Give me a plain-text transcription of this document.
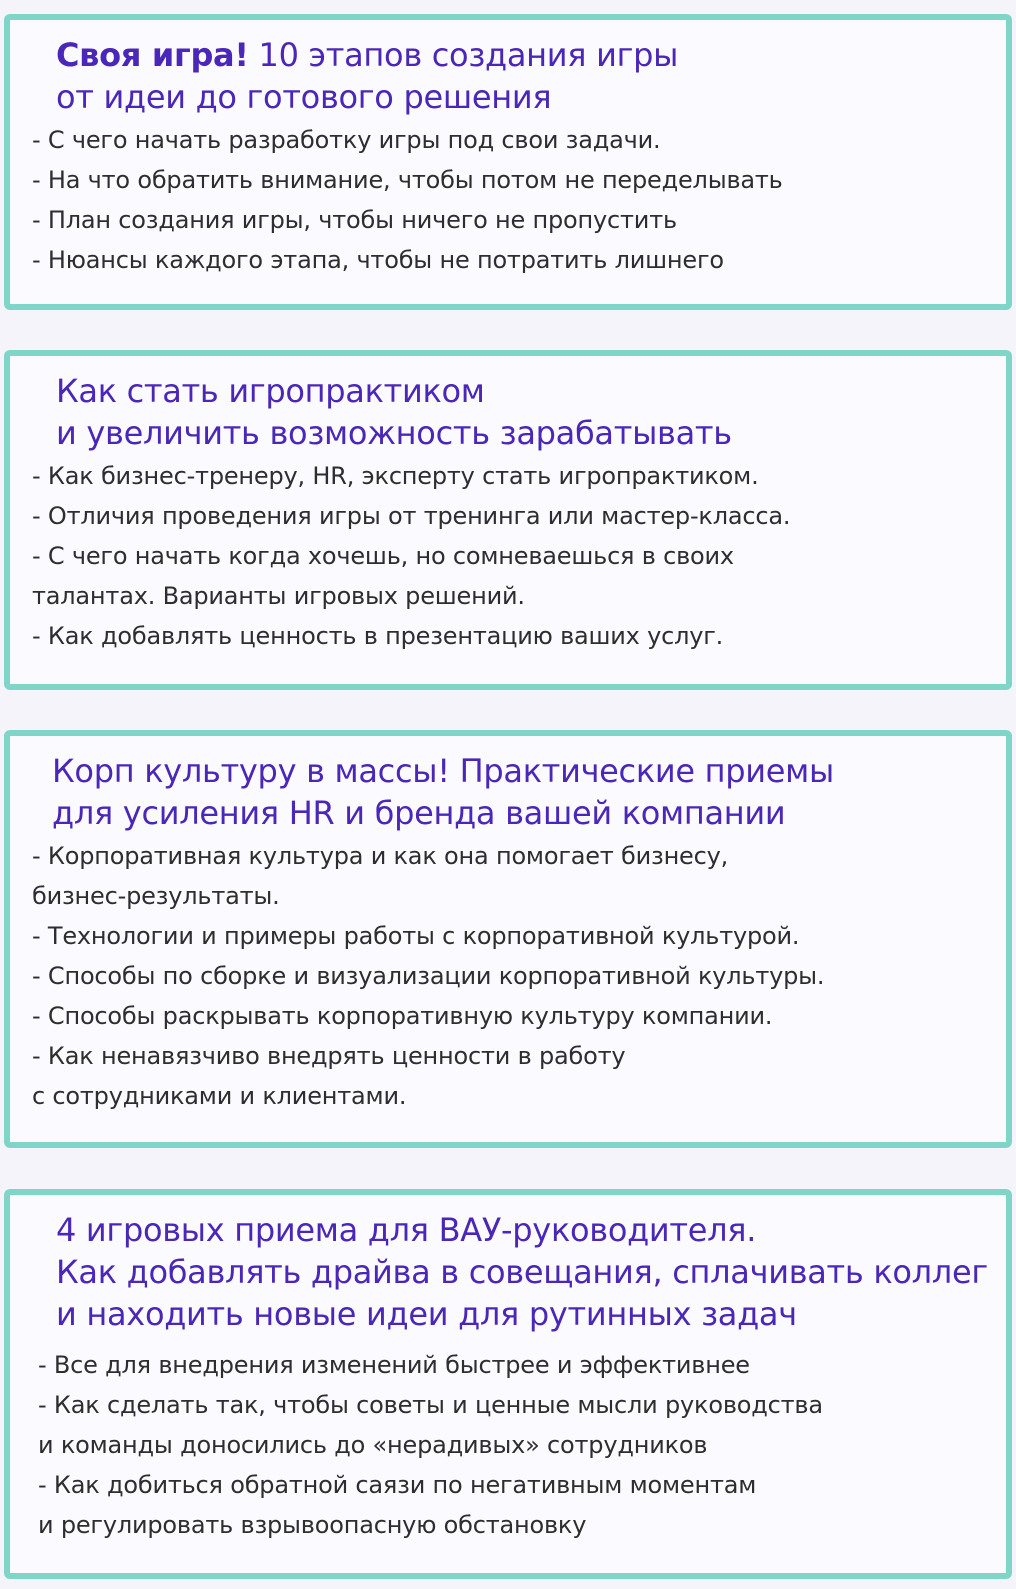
Своя игра! 10 этапов создания игры
от идеи до готового решения
- С чего начать разработку игры под свои задачи.
- На что обратить внимание, чтобы потом не переделывать
- План создания игры, чтобы ничего не пропустить
- Нюансы каждого этапа, чтобы не потратить лишнего
Как стать игропрактиком
и увеличить возможность зарабатывать
- Как бизнес-тренеру, HR, эксперту стать игропрактиком.
- Отличия проведения игры от тренинга или мастер-класса.
- С чего начать когда хочешь, но сомневаешься в своих
талантах. Варианты игровых решений.
- Как добавлять ценность в презентацию ваших услуг.
Корп культуру в массы! Практические приемы
для усиления HR и бренда вашей компании
- Корпоративная культура и как она помогает бизнесу,
бизнес-результаты.
- Технологии и примеры работы с корпоративной культурой.
- Способы по сборке и визуализации корпоративной культуры.
- Способы раскрывать корпоративную культуру компании.
- Как ненавязчиво внедрять ценности в работу
с сотрудниками и клиентами.
4 игровых приема для ВАУ-руководителя.
Как добавлять драйва в совещания, сплачивать коллег
и находить новые идеи для рутинных задач
- Все для внедрения изменений быстрее и эффективнее
- Как сделать так, чтобы советы и ценные мысли руководства
и команды доносились до «нерадивых» сотрудников
- Как добиться обратной саязи по негативным моментам
и регулировать взрывоопасную обстановку
